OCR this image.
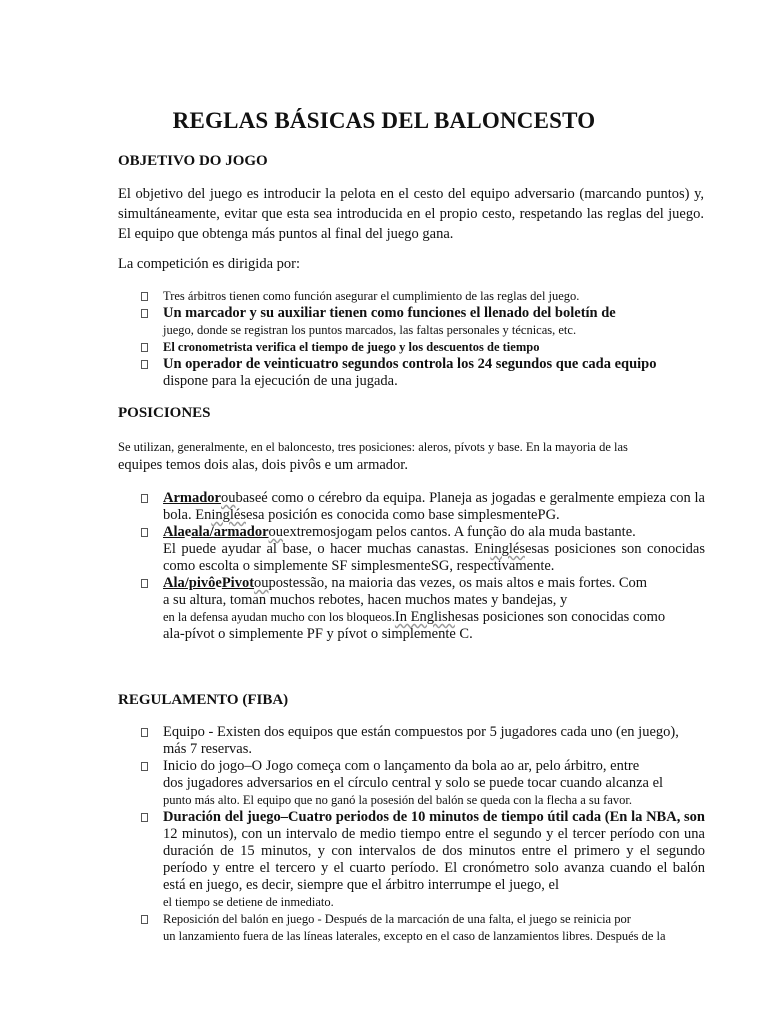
REGLAS BÁSICAS DEL BALONCESTO
OBJETIVO DO JOGO

El objetivo del juego es introducir la pelota en el cesto del equipo adversario (marcando puntos) y, simultáneamente, evitar que esta sea introducida en el propio cesto, respetando las reglas del juego. El equipo que obtenga más puntos al final del juego gana.

La competición es dirigida por:

Tres árbitros tienen como función asegurar el cumplimiento de las reglas del juego.
Un marcador y su auxiliar tienen como funciones el llenado del boletín de
juego, donde se registran los puntos marcados, las faltas personales y técnicas, etc.
El cronometrista verifica el tiempo de juego y los descuentos de tiempo
Un operador de veinticuatro segundos controla los 24 segundos que cada equipo
dispone para la ejecución de una jugada.
POSICIONES

Se utilizan, generalmente, en el baloncesto, tres posiciones: aleros, pívots y base. En la mayoria de las

equipes temos dois alas, dois pivôs e um armador.

Armadoroubaseé como o cérebro da equipa. Planeja as jogadas e geralmente empieza con la bola. Eninglésesa posición es conocida como base simplesmentePG.
Alaeala/armadorouextremosjogam pelos cantos. A função do ala muda bastante.
El puede ayudar al base, o hacer muchas canastas. Eninglésesas posiciones son conocidas como escolta o simplemente SF simplesmenteSG, respectivamente.
Ala/pivôePivotoupostessão, na maioria das vezes, os mais altos e mais fortes. Com
a su altura, toman muchos rebotes, hacen muchos mates y bandejas, y
en la defensa ayudan mucho con los bloqueos.In Englishesas posiciones son conocidas como
ala-pívot o simplemente PF y pívot o simplemente C.
REGULAMENTO (FIBA)
Equipo - Existen dos equipos que están compuestos por 5 jugadores cada uno (en juego),
más 7 reservas.
Inicio do jogo–O Jogo começa com o lançamento da bola ao ar, pelo árbitro, entre
dos jugadores adversarios en el círculo central y solo se puede tocar cuando alcanza el
punto más alto. El equipo que no ganó la posesión del balón se queda con la flecha a su favor.
Duración del juego–Cuatro periodos de 10 minutos de tiempo útil cada (En la NBA, son 12 minutos), con un intervalo de medio tiempo entre el segundo y el tercer período con una duración de 15 minutos, y con intervalos de dos minutos entre el primero y el segundo período y entre el tercero y el cuarto período. El cronómetro solo avanza cuando el balón está en juego, es decir, siempre que el árbitro interrumpe el juego, el
el tiempo se detiene de inmediato.
Reposición del balón en juego - Después de la marcación de una falta, el juego se reinicia por
un lanzamiento fuera de las líneas laterales, excepto en el caso de lanzamientos libres. Después de la
